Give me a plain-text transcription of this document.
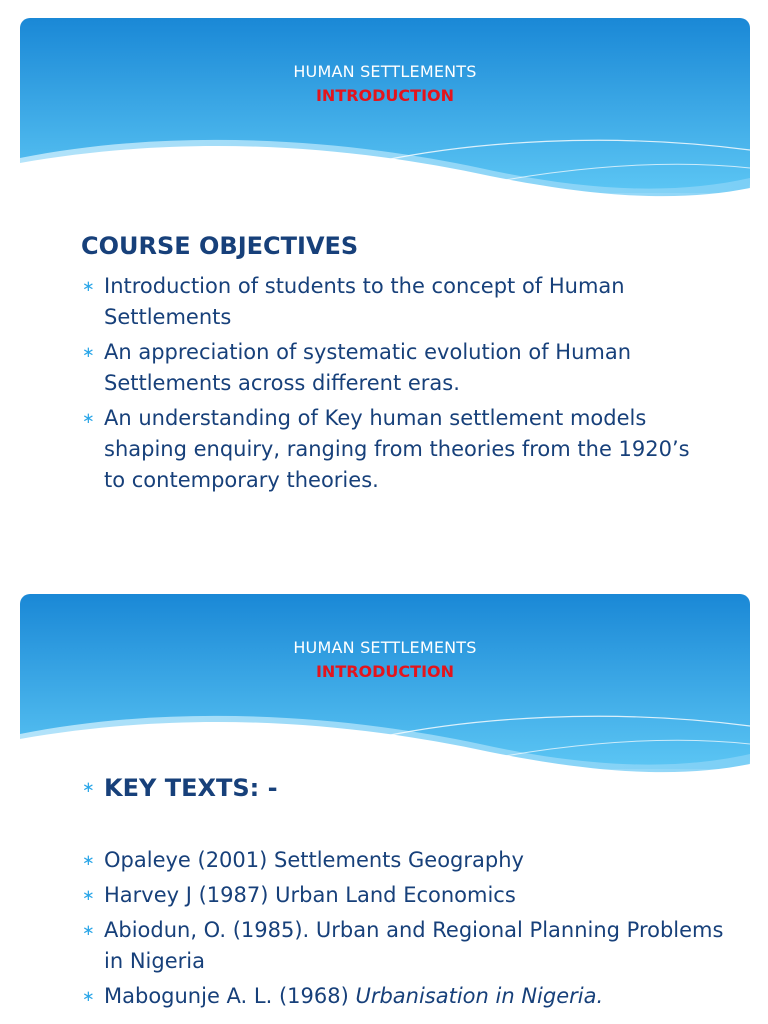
HUMAN SETTLEMENTS
INTRODUCTION
COURSE OBJECTIVES
∗ Introduction of students to the concept of Human Settlements
∗ An appreciation of systematic evolution of Human Settlements across different eras.
∗ An understanding of Key human settlement models shaping enquiry, ranging from theories from the 1920’s to contemporary theories.
HUMAN SETTLEMENTS
INTRODUCTION
∗ KEY TEXTS: -
∗ Opaleye (2001) Settlements Geography
∗ Harvey J (1987) Urban Land Economics
∗ Abiodun, O. (1985). Urban and Regional Planning Problems in Nigeria
∗ Mabogunje A. L. (1968) Urbanisation in Nigeria.
